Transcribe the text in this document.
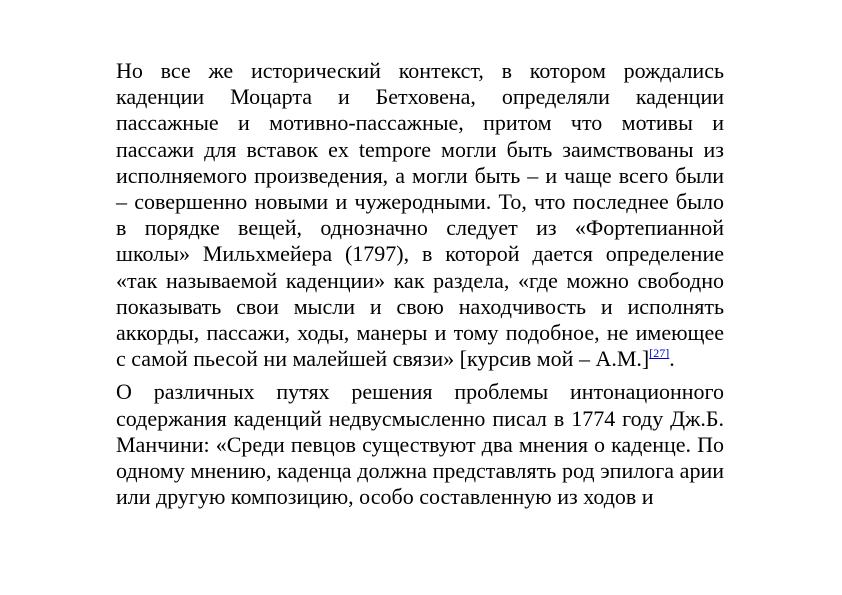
Но все же исторический контекст, в котором рождались каденции Моцарта и Бетховена, определяли каденции пассажные и мотивно-пассажные, притом что мотивы и пассажи для вставок ex temporе могли быть заимствованы из исполняемого произведения, а могли быть – и чаще всего были – совершенно новыми и чужеродными. То, что последнее было в порядке вещей, однозначно следует из «Фортепианной школы» Мильхмейера (1797), в которой дается определение «так называемой каденции» как раздела, «где можно свободно показывать свои мысли и свою находчивость и исполнять аккорды, пассажи, ходы, манеры и тому подобное, не имеющее с самой пьесой ни малейшей связи» [курсив мой – А.М.][27].

О различных путях решения проблемы интонационного содержания каденций недвусмысленно писал в 1774 году Дж.Б. Манчини: «Среди певцов существуют два мнения о каденце. По одному мнению, каденца должна представлять род эпилога арии или другую композицию, особо составленную из ходов и
